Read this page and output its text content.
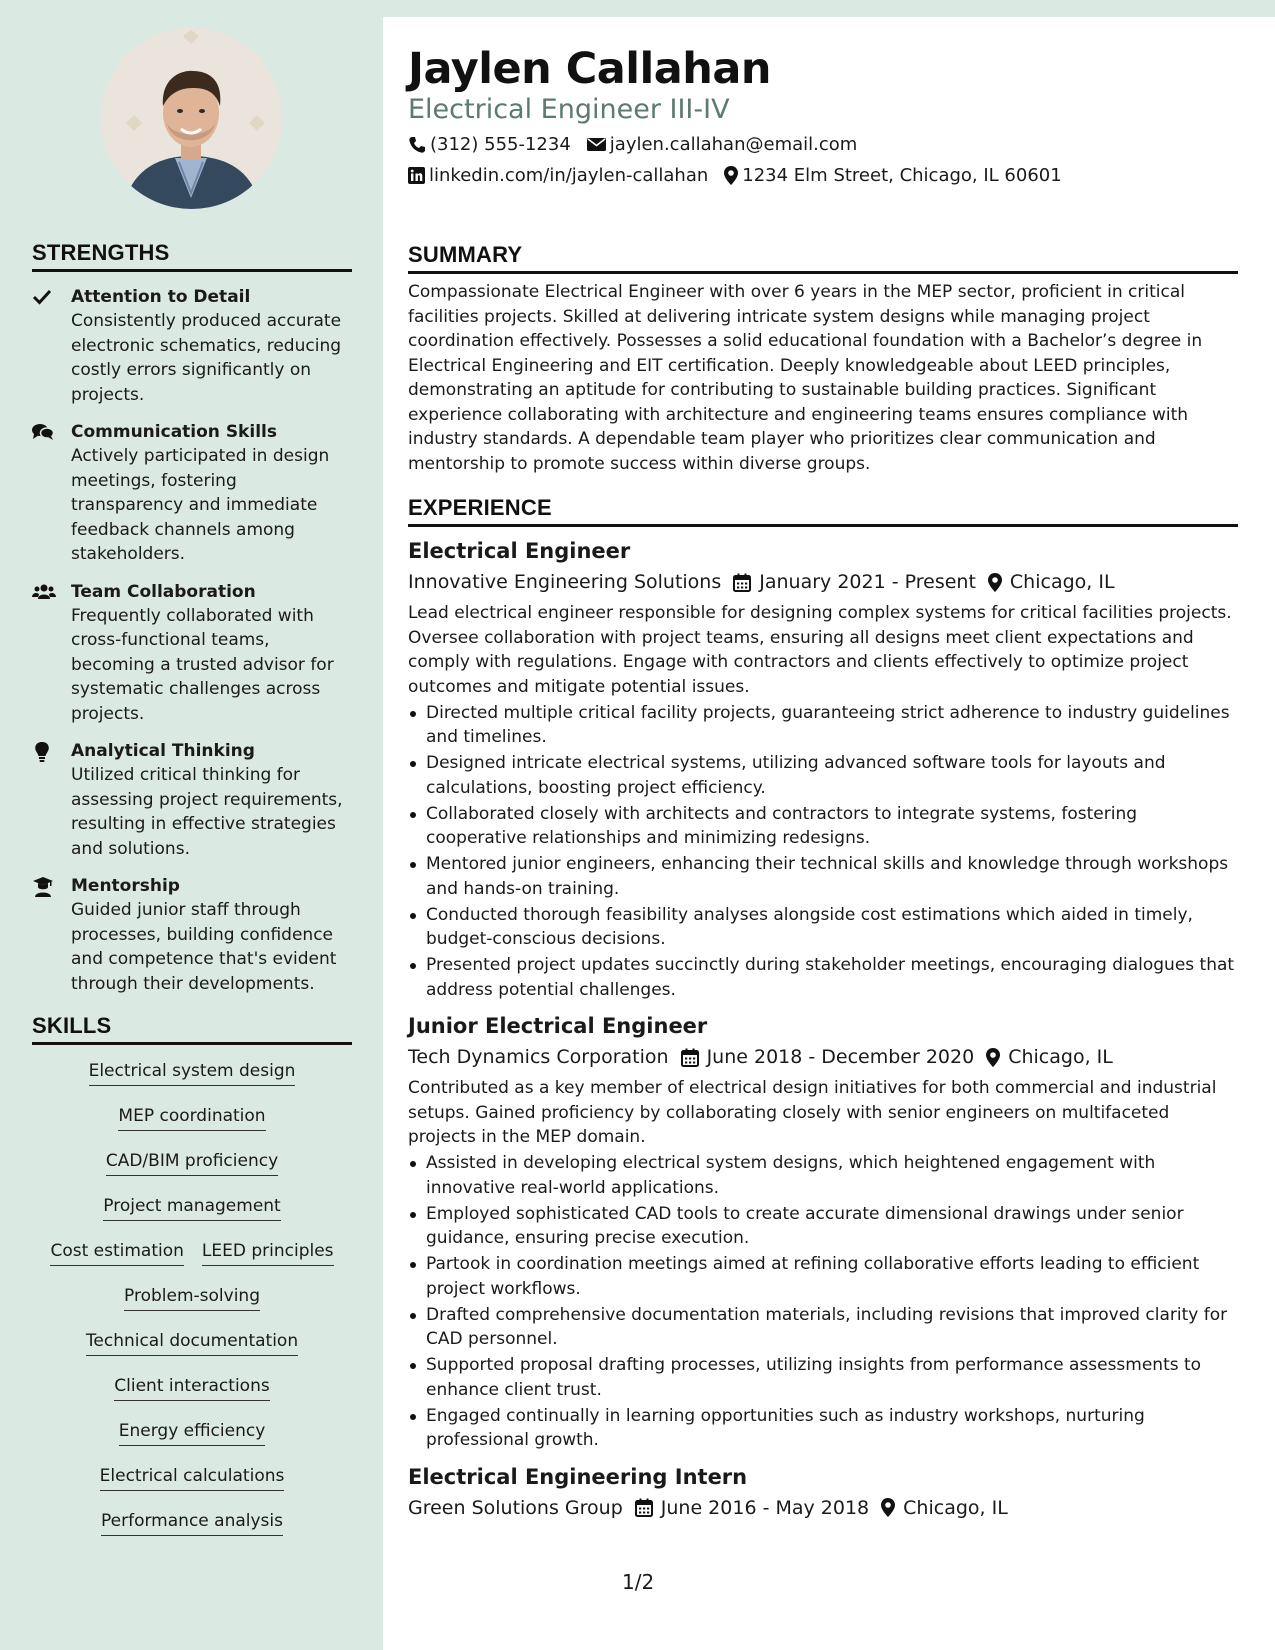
STRENGTHS
Attention to Detail
Consistently produced accurate electronic schematics, reducing costly errors significantly on projects.
Communication Skills
Actively participated in design meetings, fostering transparency and immediate feedback channels among stakeholders.
Team Collaboration
Frequently collaborated with cross-functional teams, becoming a trusted advisor for systematic challenges across projects.
Analytical Thinking
Utilized critical thinking for assessing project requirements, resulting in effective strategies and solutions.
Mentorship
Guided junior staff through processes, building confidence and competence that's evident through their developments.
SKILLS
Electrical system design
MEP coordination
CAD/BIM proficiency
Project management
Cost estimation LEED principles
Problem-solving
Technical documentation
Client interactions
Energy efficiency
Electrical calculations
Performance analysis
Jaylen Callahan
Electrical Engineer III-IV
(312) 555-1234 jaylen.callahan@email.com
linkedin.com/in/jaylen-callahan 1234 Elm Street, Chicago, IL 60601
SUMMARY
Compassionate Electrical Engineer with over 6 years in the MEP sector, proficient in critical facilities projects. Skilled at delivering intricate system designs while managing project coordination effectively. Possesses a solid educational foundation with a Bachelor’s degree in Electrical Engineering and EIT certification. Deeply knowledgeable about LEED principles, demonstrating an aptitude for contributing to sustainable building practices. Significant experience collaborating with architecture and engineering teams ensures compliance with industry standards. A dependable team player who prioritizes clear communication and mentorship to promote success within diverse groups.
EXPERIENCE
Electrical Engineer
Innovative Engineering Solutions January 2021 - Present Chicago, IL
Lead electrical engineer responsible for designing complex systems for critical facilities projects. Oversee collaboration with project teams, ensuring all designs meet client expectations and comply with regulations. Engage with contractors and clients effectively to optimize project outcomes and mitigate potential issues.
Directed multiple critical facility projects, guaranteeing strict adherence to industry guidelines and timelines.
Designed intricate electrical systems, utilizing advanced software tools for layouts and calculations, boosting project efficiency.
Collaborated closely with architects and contractors to integrate systems, fostering cooperative relationships and minimizing redesigns.
Mentored junior engineers, enhancing their technical skills and knowledge through workshops and hands-on training.
Conducted thorough feasibility analyses alongside cost estimations which aided in timely, budget-conscious decisions.
Presented project updates succinctly during stakeholder meetings, encouraging dialogues that address potential challenges.
Junior Electrical Engineer
Tech Dynamics Corporation June 2018 - December 2020 Chicago, IL
Contributed as a key member of electrical design initiatives for both commercial and industrial setups. Gained proficiency by collaborating closely with senior engineers on multifaceted projects in the MEP domain.
Assisted in developing electrical system designs, which heightened engagement with innovative real-world applications.
Employed sophisticated CAD tools to create accurate dimensional drawings under senior guidance, ensuring precise execution.
Partook in coordination meetings aimed at refining collaborative efforts leading to efficient project workflows.
Drafted comprehensive documentation materials, including revisions that improved clarity for CAD personnel.
Supported proposal drafting processes, utilizing insights from performance assessments to enhance client trust.
Engaged continually in learning opportunities such as industry workshops, nurturing professional growth.
Electrical Engineering Intern
Green Solutions Group June 2016 - May 2018 Chicago, IL
1/2
